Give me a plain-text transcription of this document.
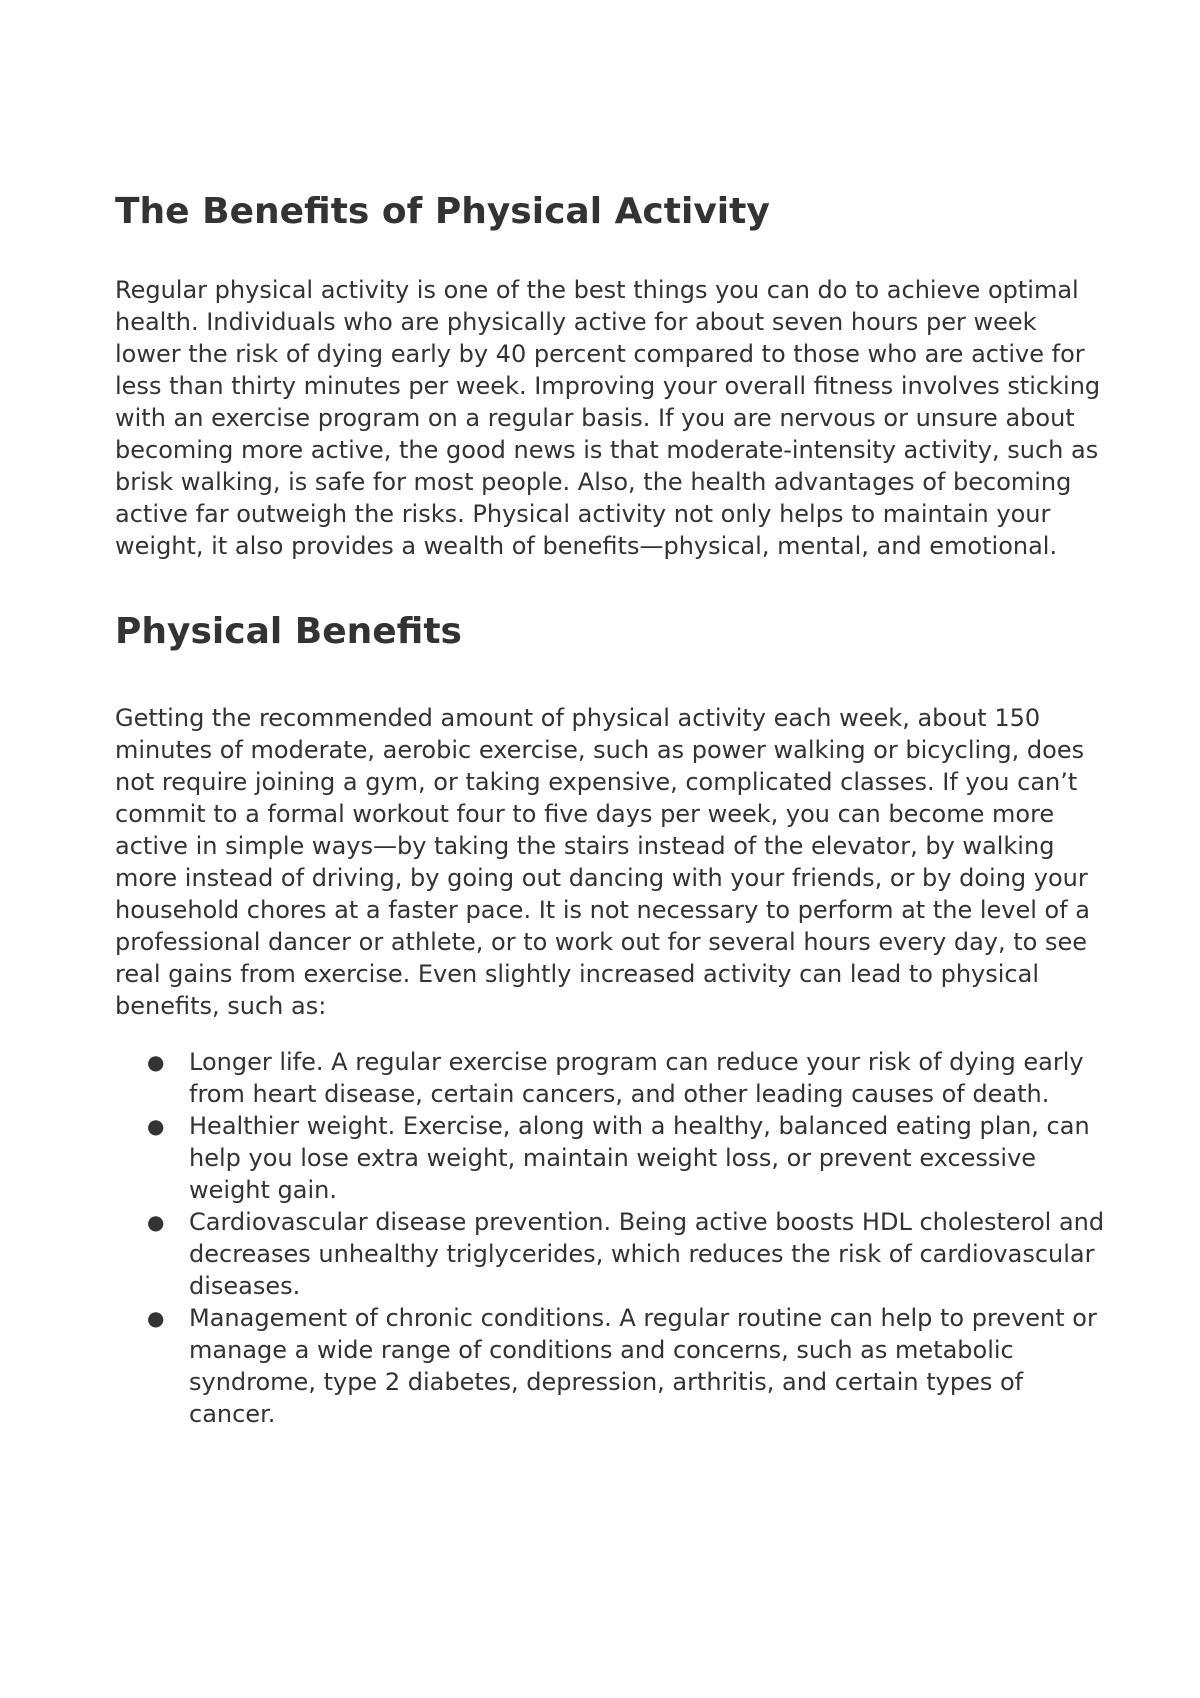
The Benefits of Physical Activity

Regular physical activity is one of the best things you can do to achieve optimal health. Individuals who are physically active for about seven hours per week lower the risk of dying early by 40 percent compared to those who are active for less than thirty minutes per week. Improving your overall fitness involves sticking with an exercise program on a regular basis. If you are nervous or unsure about becoming more active, the good news is that moderate-intensity activity, such as brisk walking, is safe for most people. Also, the health advantages of becoming active far outweigh the risks. Physical activity not only helps to maintain your weight, it also provides a wealth of benefits—physical, mental, and emotional.

Physical Benefits

Getting the recommended amount of physical activity each week, about 150 minutes of moderate, aerobic exercise, such as power walking or bicycling, does not require joining a gym, or taking expensive, complicated classes. If you can’t commit to a formal workout four to five days per week, you can become more active in simple ways—by taking the stairs instead of the elevator, by walking more instead of driving, by going out dancing with your friends, or by doing your household chores at a faster pace. It is not necessary to perform at the level of a professional dancer or athlete, or to work out for several hours every day, to see real gains from exercise. Even slightly increased activity can lead to physical benefits, such as:

● Longer life. A regular exercise program can reduce your risk of dying early from heart disease, certain cancers, and other leading causes of death.
● Healthier weight. Exercise, along with a healthy, balanced eating plan, can help you lose extra weight, maintain weight loss, or prevent excessive weight gain.
● Cardiovascular disease prevention. Being active boosts HDL cholesterol and decreases unhealthy triglycerides, which reduces the risk of cardiovascular diseases.
● Management of chronic conditions. A regular routine can help to prevent or manage a wide range of conditions and concerns, such as metabolic syndrome, type 2 diabetes, depression, arthritis, and certain types of cancer.
